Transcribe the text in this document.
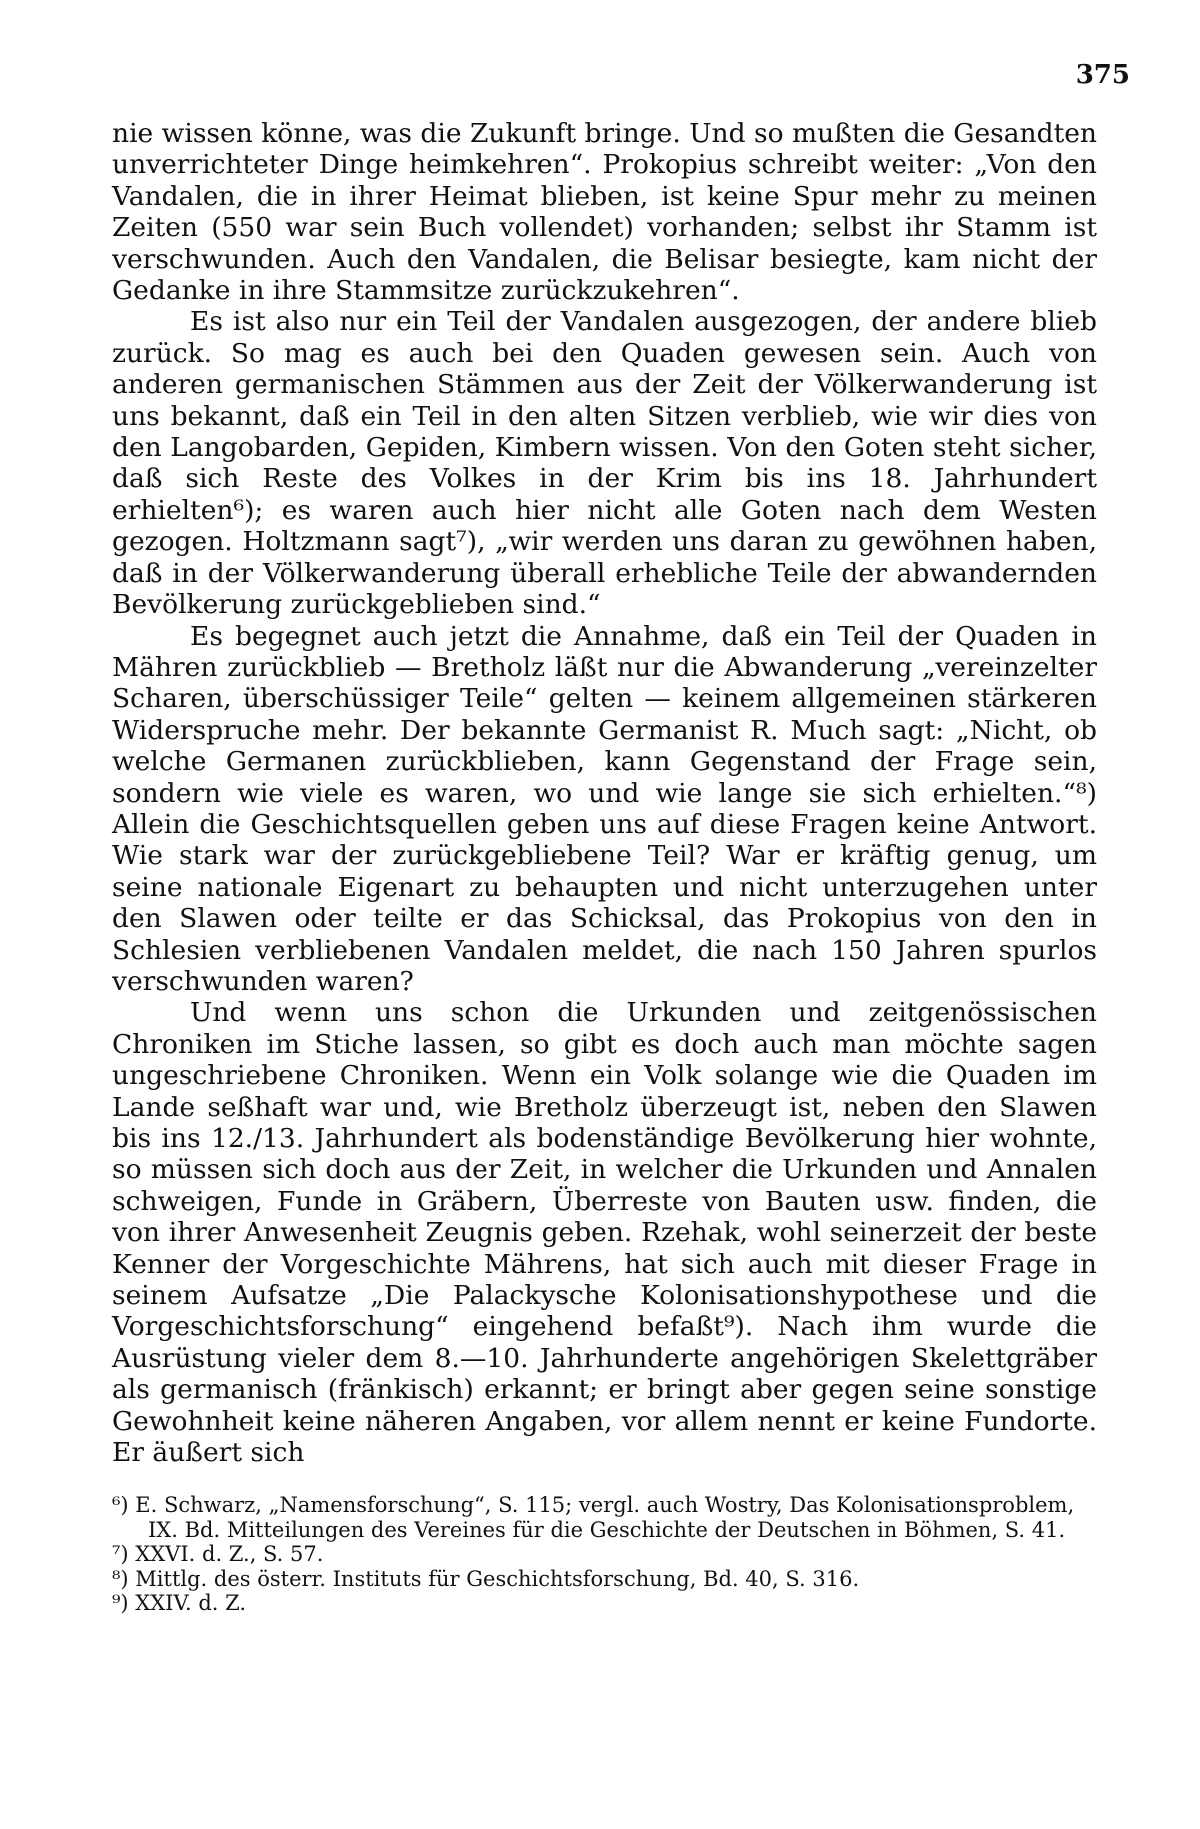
375

nie wissen könne, was die Zukunft bringe. Und so mußten die Gesandten unverrichteter Dinge heimkehren“. Prokopius schreibt weiter: „Von den Vandalen, die in ihrer Heimat blieben, ist keine Spur mehr zu meinen Zeiten (550 war sein Buch vollendet) vorhanden; selbst ihr Stamm ist verschwunden. Auch den Vandalen, die Belisar besiegte, kam nicht der Gedanke in ihre Stammsitze zurückzukehren“.

Es ist also nur ein Teil der Vandalen ausgezogen, der andere blieb zurück. So mag es auch bei den Quaden gewesen sein. Auch von anderen germanischen Stämmen aus der Zeit der Völkerwanderung ist uns bekannt, daß ein Teil in den alten Sitzen verblieb, wie wir dies von den Langobarden, Gepiden, Kimbern wissen. Von den Goten steht sicher, daß sich Reste des Volkes in der Krim bis ins 18. Jahrhundert erhielten⁶); es waren auch hier nicht alle Goten nach dem Westen gezogen. Holtzmann sagt⁷), „wir werden uns daran zu gewöhnen haben, daß in der Völkerwanderung überall erhebliche Teile der abwandernden Bevölkerung zurückgeblieben sind.“

Es begegnet auch jetzt die Annahme, daß ein Teil der Quaden in Mähren zurückblieb — Bretholz läßt nur die Abwanderung „vereinzelter Scharen, überschüssiger Teile“ gelten — keinem allgemeinen stärkeren Widerspruche mehr. Der bekannte Germanist R. Much sagt: „Nicht, ob welche Germanen zurückblieben, kann Gegenstand der Frage sein, sondern wie viele es waren, wo und wie lange sie sich erhielten.“⁸) Allein die Geschichtsquellen geben uns auf diese Fragen keine Antwort. Wie stark war der zurückgebliebene Teil? War er kräftig genug, um seine nationale Eigenart zu behaupten und nicht unterzugehen unter den Slawen oder teilte er das Schicksal, das Prokopius von den in Schlesien verbliebenen Vandalen meldet, die nach 150 Jahren spurlos verschwunden waren?

Und wenn uns schon die Urkunden und zeitgenössischen Chroniken im Stiche lassen, so gibt es doch auch man möchte sagen ungeschriebene Chroniken. Wenn ein Volk solange wie die Quaden im Lande seßhaft war und, wie Bretholz überzeugt ist, neben den Slawen bis ins 12./13. Jahrhundert als bodenständige Bevölkerung hier wohnte, so müssen sich doch aus der Zeit, in welcher die Urkunden und Annalen schweigen, Funde in Gräbern, Überreste von Bauten usw. finden, die von ihrer Anwesenheit Zeugnis geben. Rzehak, wohl seinerzeit der beste Kenner der Vorgeschichte Mährens, hat sich auch mit dieser Frage in seinem Aufsatze „Die Palackysche Kolonisationshypothese und die Vorgeschichtsforschung“ eingehend befaßt⁹). Nach ihm wurde die Ausrüstung vieler dem 8.—10. Jahrhunderte angehörigen Skelettgräber als germanisch (fränkisch) erkannt; er bringt aber gegen seine sonstige Gewohnheit keine näheren Angaben, vor allem nennt er keine Fundorte. Er äußert sich

⁶) E. Schwarz, „Namensforschung“, S. 115; vergl. auch Wostry, Das Kolonisationsproblem, IX. Bd. Mitteilungen des Vereines für die Geschichte der Deutschen in Böhmen, S. 41.

⁷) XXVI. d. Z., S. 57.

⁸) Mittlg. des österr. Instituts für Geschichtsforschung, Bd. 40, S. 316.

⁹) XXIV. d. Z.
